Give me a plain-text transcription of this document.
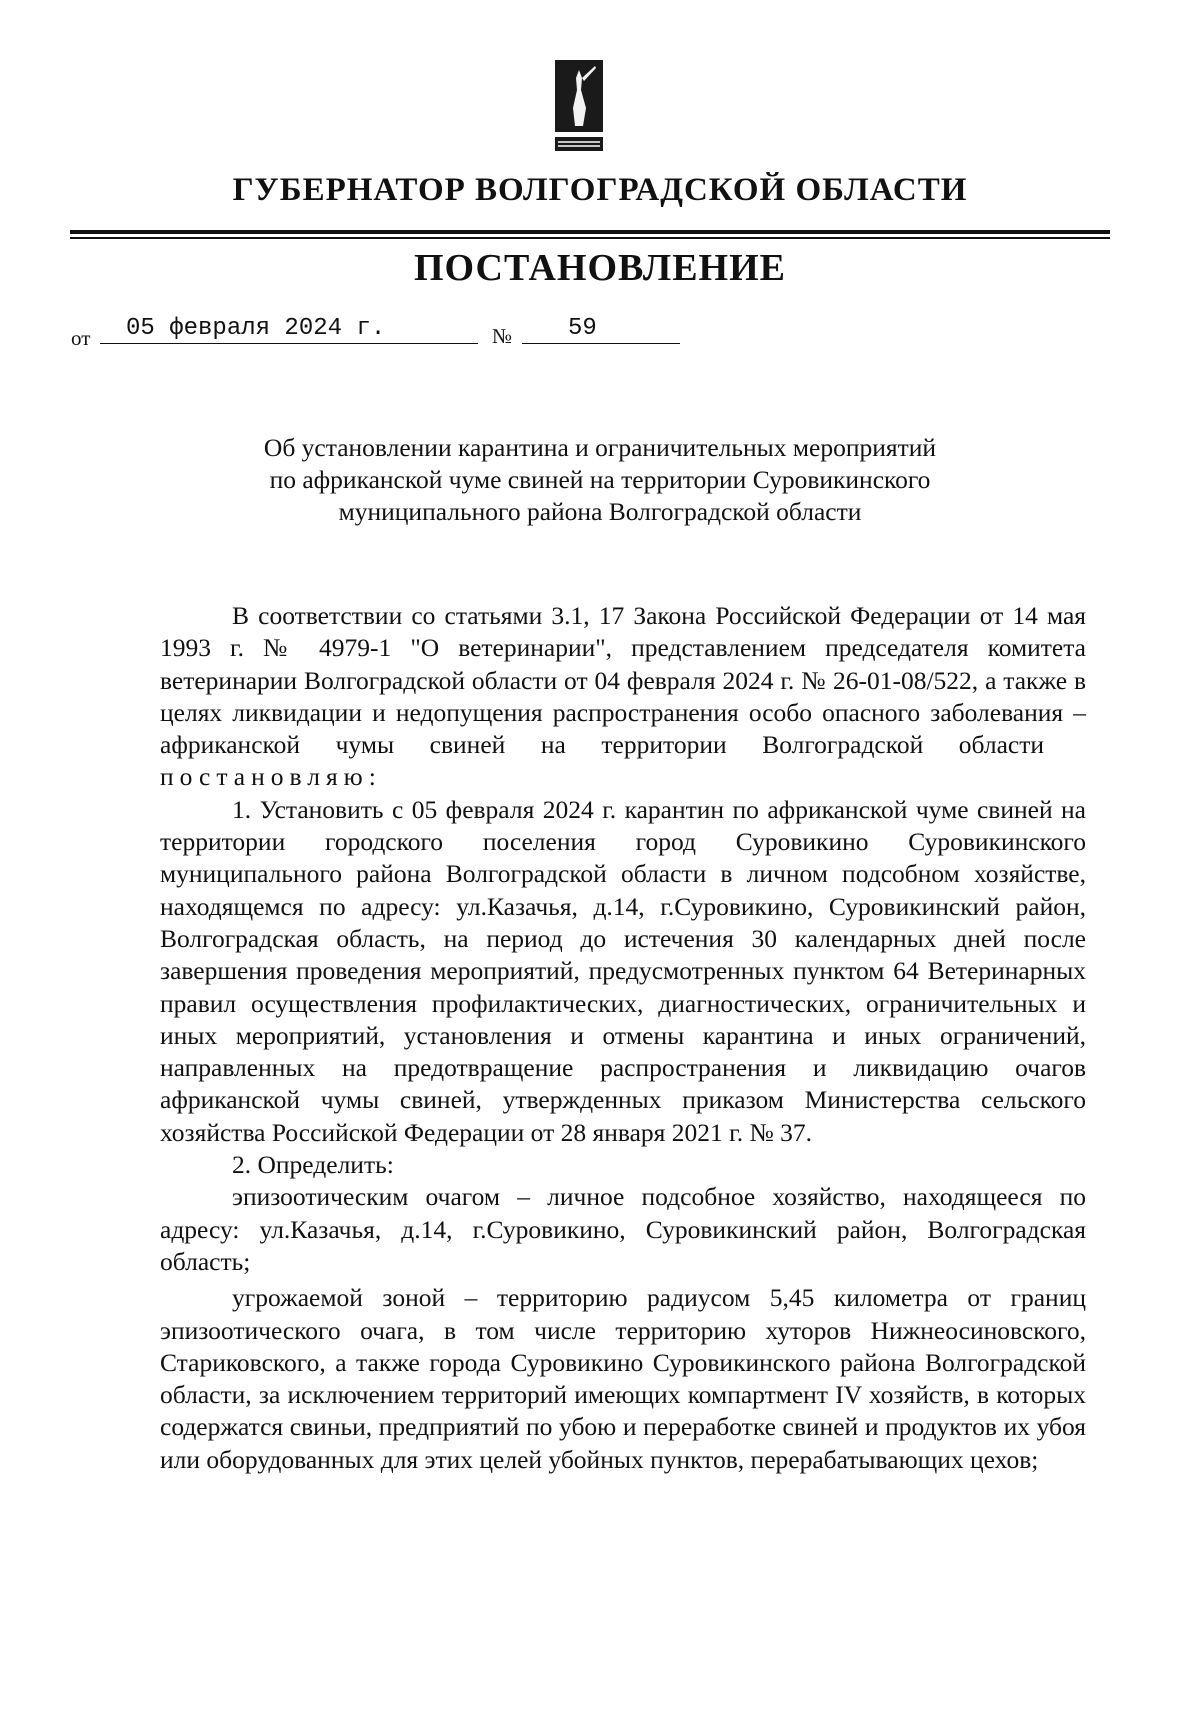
ГУБЕРНАТОР ВОЛГОГРАДСКОЙ ОБЛАСТИ
ПОСТАНОВЛЕНИЕ
от	05 февраля 2024 г.	№	59
Об установлении карантина и ограничительных мероприятий
по африканской чуме свиней на территории Суровикинского
муниципального района Волгоградской области

В соответствии со статьями 3.1, 17 Закона Российской Федерации от 14 мая 1993 г. № 4979-1 "О ветеринарии", представлением председателя комитета ветеринарии Волгоградской области от 04 февраля 2024 г. № 26-01-08/522, а также в целях ликвидации и недопущения распространения особо опасного заболевания – африканской чумы свиней на территории Волгоградской области   постановляю:

1. Установить с 05 февраля 2024 г. карантин по африканской чуме свиней на территории городского поселения город Суровикино Суровикинского муниципального района Волгоградской области в личном подсобном хозяйстве, находящемся по адресу: ул.Казачья, д.14, г.Суровикино, Суровикинский район, Волгоградская область, на период до истечения 30 календарных дней после завершения проведения мероприятий, предусмотренных пунктом 64 Ветеринарных правил осуществления профилактических, диагностических, ограничительных и иных мероприятий, установления и отмены карантина и иных ограничений, направленных на предотвращение распространения и ликвидацию очагов африканской чумы свиней, утвержденных приказом Министерства сельского хозяйства Российской Федерации от 28 января 2021 г. № 37.

2. Определить:

эпизоотическим очагом – личное подсобное хозяйство, находящееся по адресу: ул.Казачья, д.14, г.Суровикино, Суровикинский район, Волгоградская область;

угрожаемой зоной – территорию радиусом 5,45 километра от границ эпизоотического очага, в том числе территорию хуторов Нижнеосиновского, Стариковского, а также города Суровикино Суровикинского района Волгоградской области, за исключением территорий имеющих компартмент IV хозяйств, в которых содержатся свиньи, предприятий по убою и переработке свиней и продуктов их убоя или оборудованных для этих целей убойных пунктов, перерабатывающих цехов;
